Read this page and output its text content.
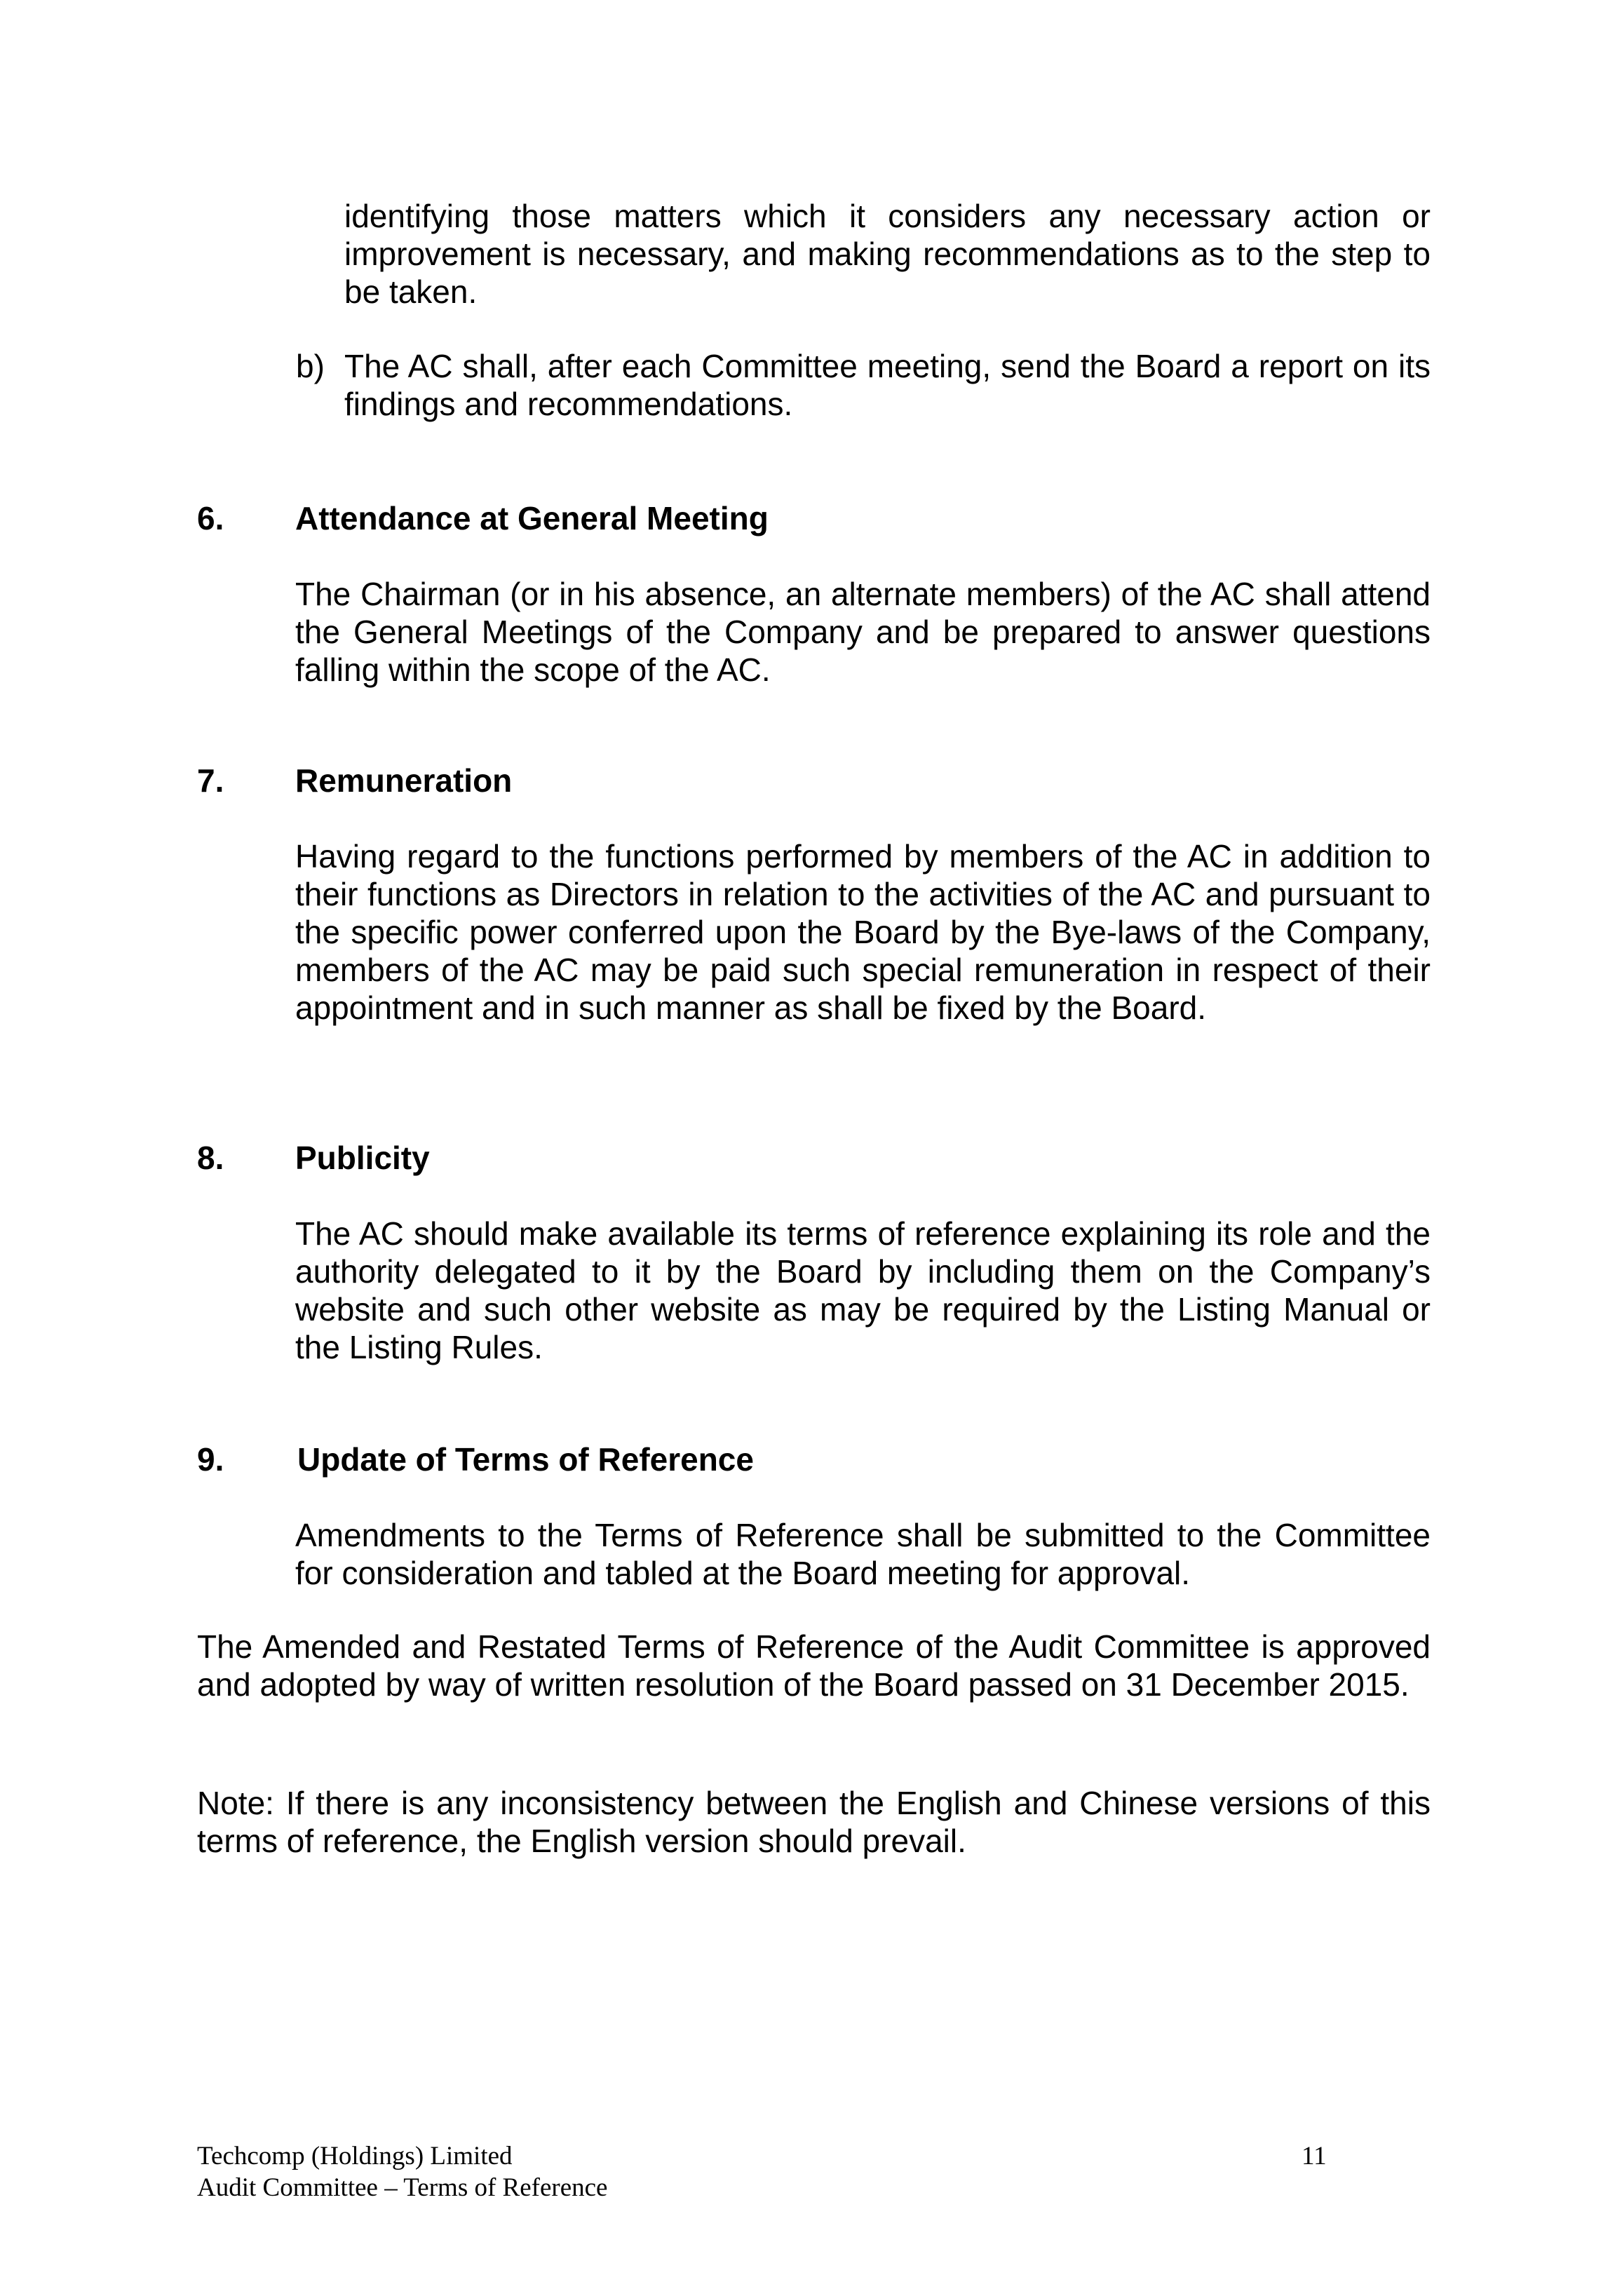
identifying those matters which it considers any necessary action or improvement is necessary, and making recommendations as to the step to be taken.

b) The AC shall, after each Committee meeting, send the Board a report on its findings and recommendations.
6. Attendance at General Meeting

The Chairman (or in his absence, an alternate members) of the AC shall attend the General Meetings of the Company and be prepared to answer questions falling within the scope of the AC.

7. Remuneration

Having regard to the functions performed by members of the AC in addition to their functions as Directors in relation to the activities of the AC and pursuant to the specific power conferred upon the Board by the Bye-laws of the Company, members of the AC may be paid such special remuneration in respect of their appointment and in such manner as shall be fixed by the Board.

8. Publicity

The AC should make available its terms of reference explaining its role and the authority delegated to it by the Board by including them on the Company’s website and such other website as may be required by the Listing Manual or the Listing Rules.

9. Update of Terms of Reference

Amendments to the Terms of Reference shall be submitted to the Committee for consideration and tabled at the Board meeting for approval.

The Amended and Restated Terms of Reference of the Audit Committee is approved and adopted by way of written resolution of the Board passed on 31 December 2015.

Note: If there is any inconsistency between the English and Chinese versions of this terms of reference, the English version should prevail.

Techcomp (Holdings) Limited
Audit Committee – Terms of Reference
11
